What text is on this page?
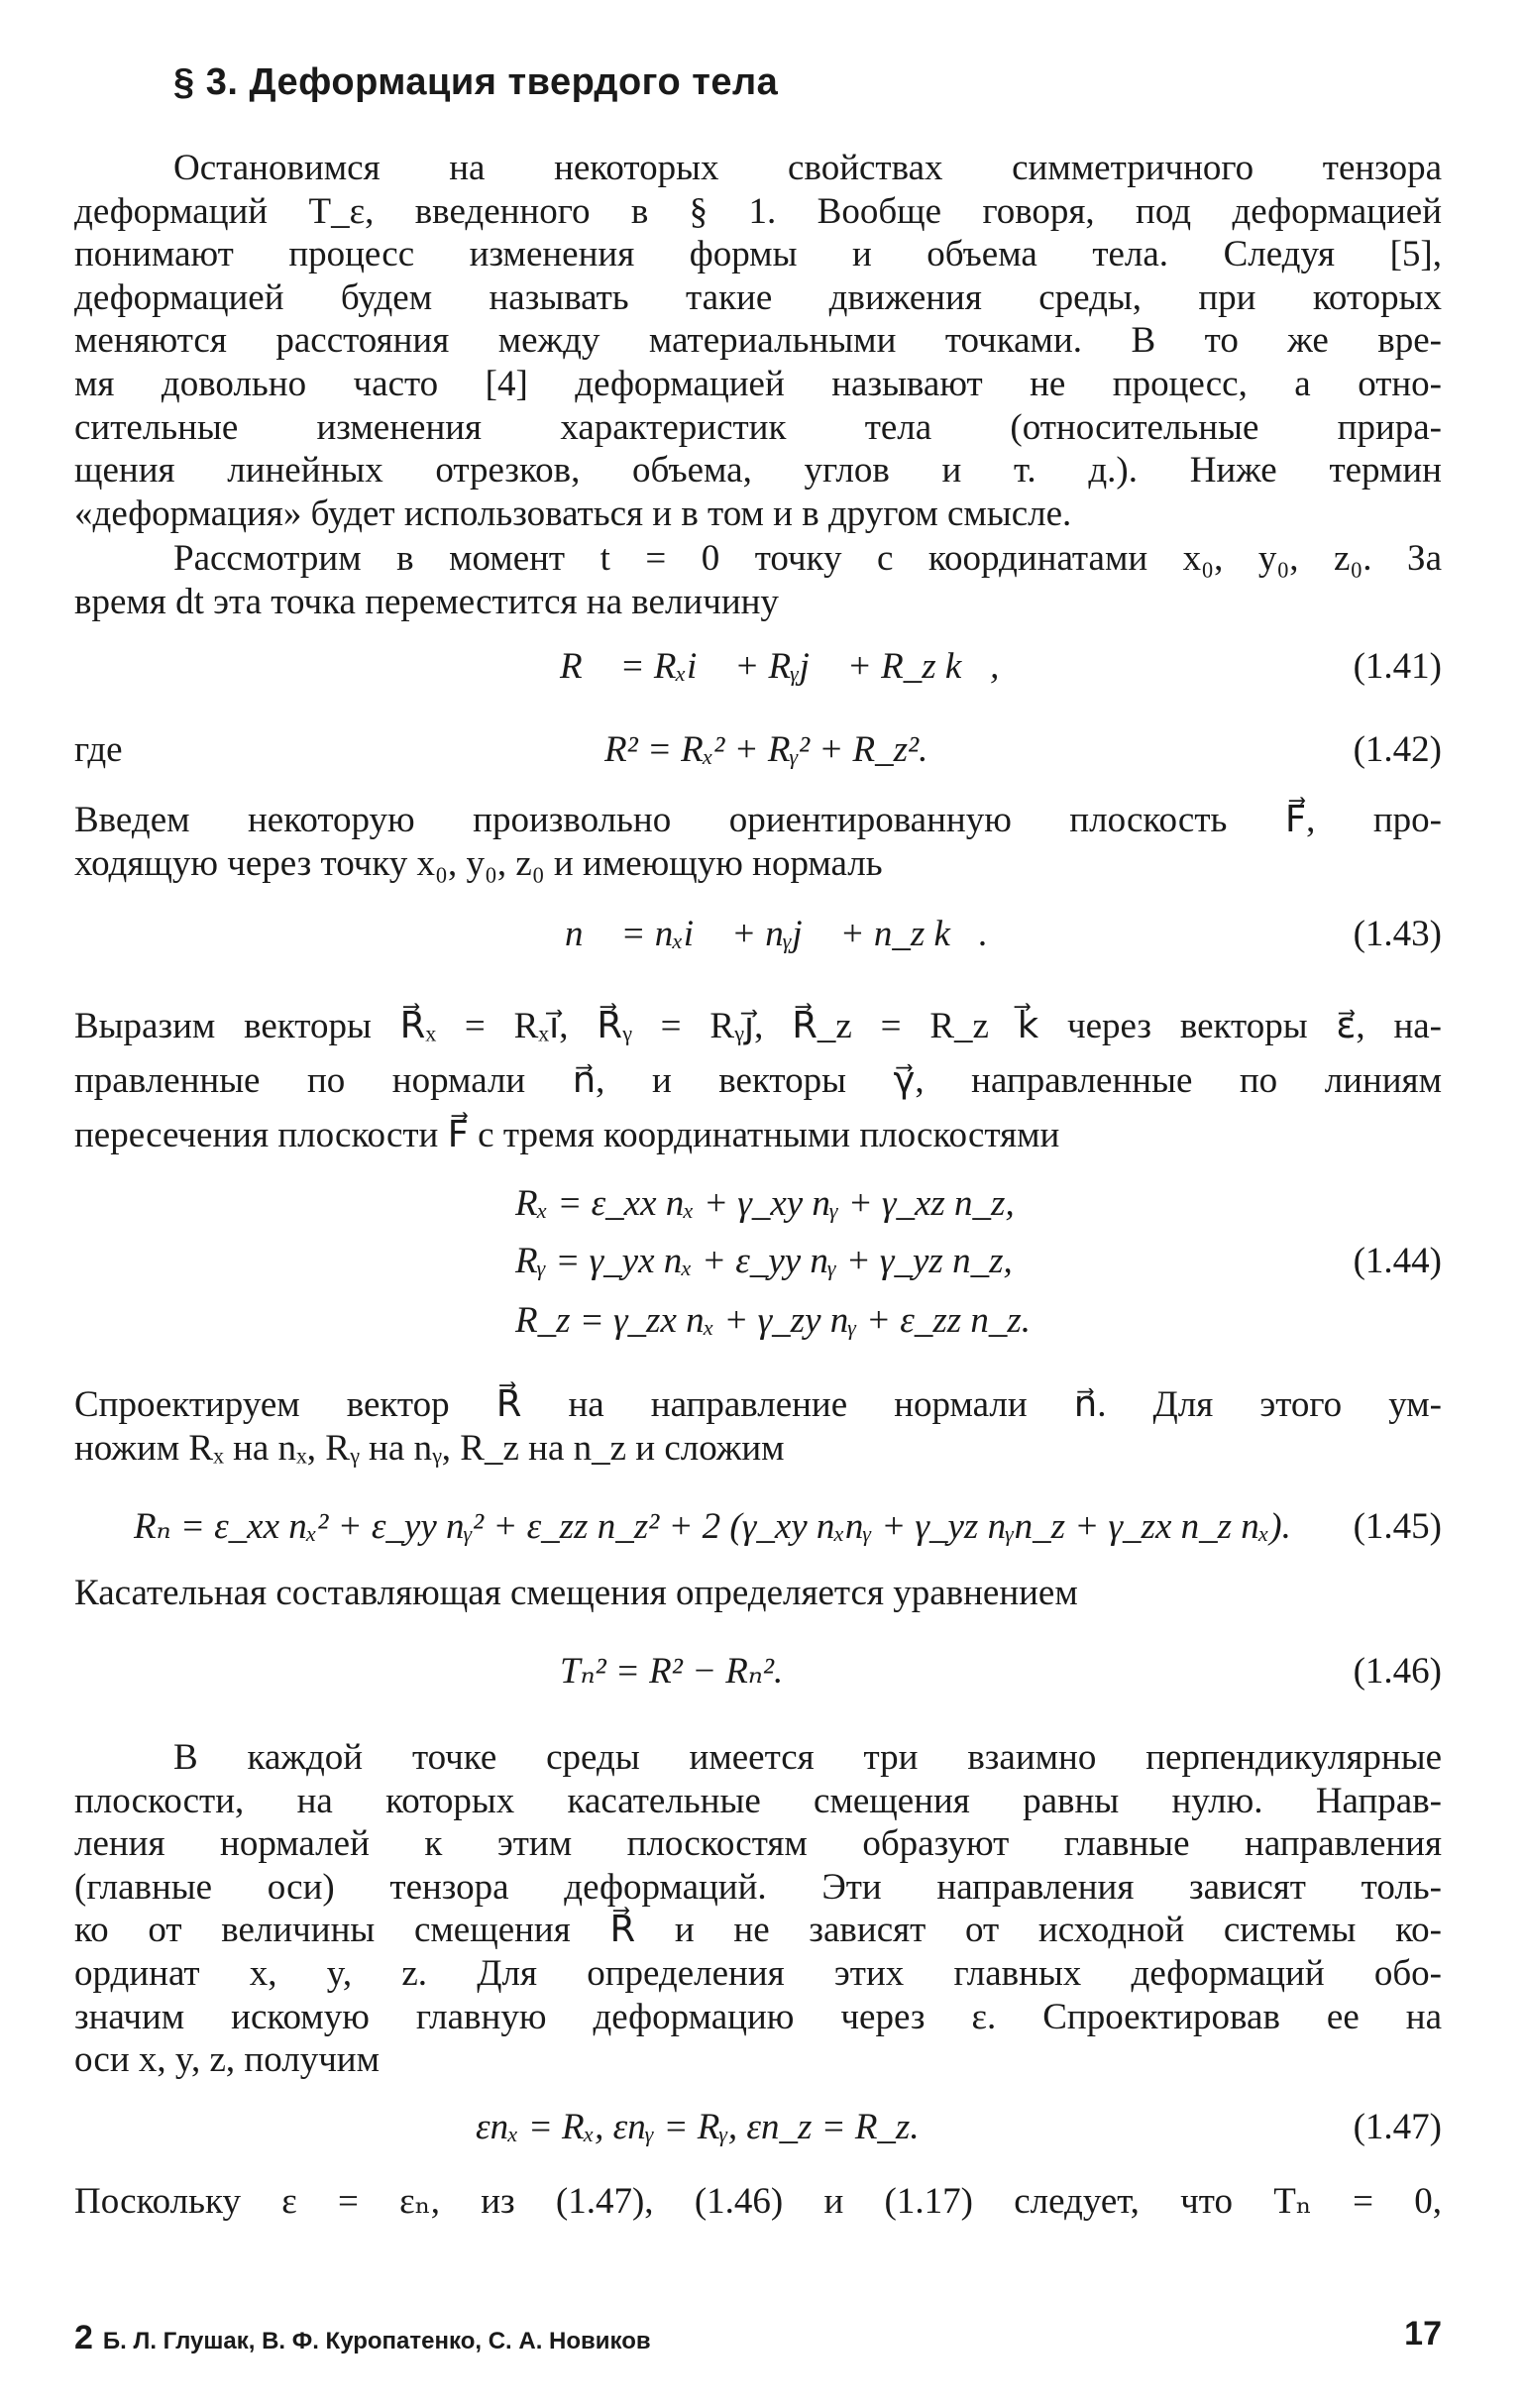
§ 3. Деформация твердого тела
Остановимся на некоторых свойствах симметричного тензора
деформаций T_ε, введенного в § 1. Вообще говоря, под деформацией
понимают процесс изменения формы и объема тела. Следуя [5],
деформацией будем называть такие движения среды, при которых
меняются расстояния между материальными точками. В то же вре-
мя довольно часто [4] деформацией называют не процесс, а отно-
сительные изменения характеристик тела (относительные прира-
щения линейных отрезков, объема, углов и т. д.). Ниже термин
«деформация» будет использоваться и в том и в другом смысле.
Рассмотрим в момент t = 0 точку с координатами x₀, y₀, z₀. За
время dt эта точка переместится на величину
R⃗ = Rₓi⃗ + Rᵧj⃗ + R_z k⃗,	(1.41)
где	R² = Rₓ² + Rᵧ² + R_z².	(1.42)
Введем некоторую произвольно ориентированную плоскость F⃗, про-
ходящую через точку x₀, y₀, z₀ и имеющую нормаль
n⃗ = nₓi⃗ + nᵧj⃗ + n_z k⃗.	(1.43)
Выразим векторы R⃗ₓ = Rₓi⃗, R⃗ᵧ = Rᵧj⃗, R⃗_z = R_z k⃗ через векторы ε⃗, на-
правленные по нормали n⃗, и векторы γ⃗, направленные по линиям
пересечения плоскости F⃗ с тремя координатными плоскостями
Rₓ = ε_xx nₓ + γ_xy nᵧ + γ_xz n_z,
Rᵧ = γ_yx nₓ + ε_yy nᵧ + γ_yz n_z,	(1.44)
R_z = γ_zx nₓ + γ_zy nᵧ + ε_zz n_z.
Спроектируем вектор R⃗ на направление нормали n⃗. Для этого ум-
ножим Rₓ на nₓ, Rᵧ на nᵧ, R_z на n_z и сложим
Rₙ = ε_xx nₓ² + ε_yy nᵧ² + ε_zz n_z² + 2 (γ_xy nₓnᵧ + γ_yz nᵧn_z + γ_zx n_z nₓ). (1.45)
Касательная составляющая смещения определяется уравнением
Tₙ² = R² − Rₙ².	(1.46)
В каждой точке среды имеется три взаимно перпендикулярные
плоскости, на которых касательные смещения равны нулю. Направ-
ления нормалей к этим плоскостям образуют главные направления
(главные оси) тензора деформаций. Эти направления зависят толь-
ко от величины смещения R⃗ и не зависят от исходной системы ко-
ординат x, y, z. Для определения этих главных деформаций обо-
значим искомую главную деформацию через ε. Спроектировав ее на
оси x, y, z, получим
εnₓ = Rₓ, εnᵧ = Rᵧ, εn_z = R_z.	(1.47)
Поскольку ε = εₙ, из (1.47), (1.46) и (1.17) следует, что Tₙ = 0,
2 Б. Л. Глушак, В. Ф. Куропатенко, С. А. Новиков	17
